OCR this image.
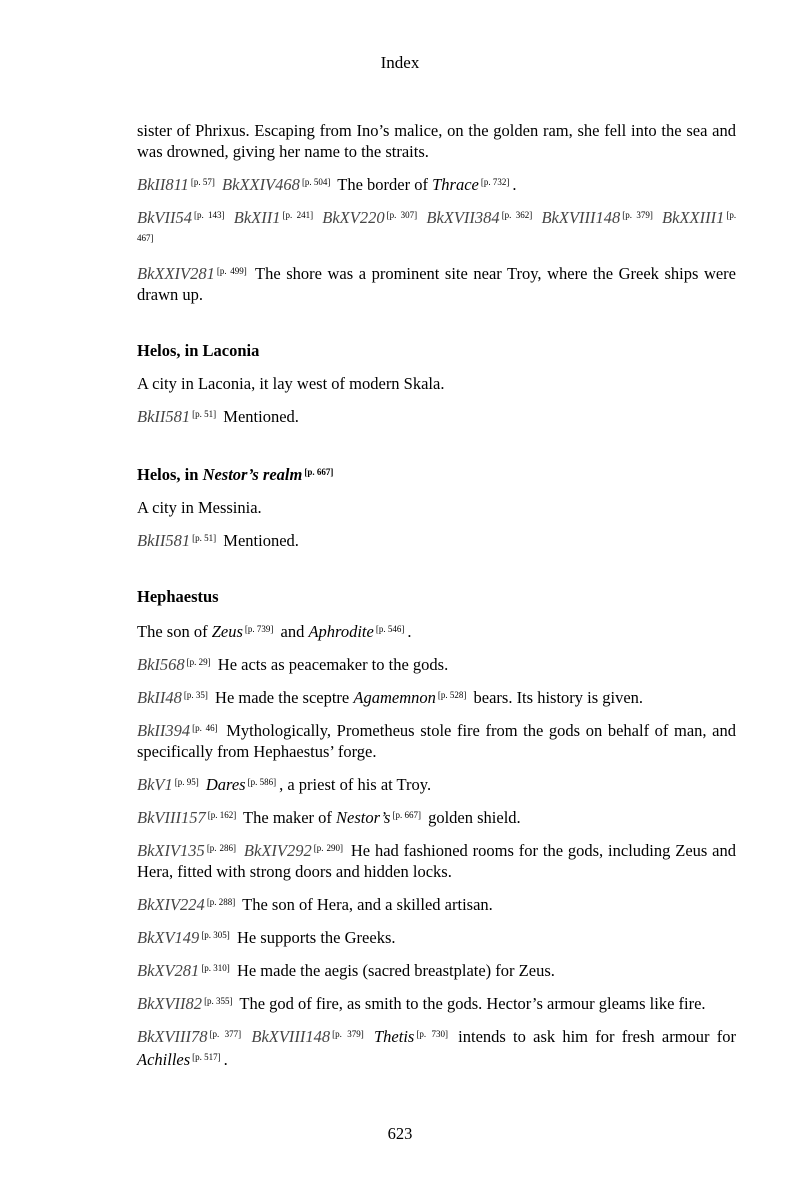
Index

sister of Phrixus. Escaping from Ino’s malice, on the golden ram, she fell into the sea and was drowned, giving her name to the straits.

BkII811 [p. 57] BkXXIV468 [p. 504] The border of Thrace [p. 732] .

BkVII54 [p. 143] BkXII1 [p. 241] BkXV220 [p. 307] BkXVII384 [p. 362] BkXVIII148 [p. 379] BkXXIII1 [p. 467]

BkXXIV281 [p. 499] The shore was a prominent site near Troy, where the Greek ships were drawn up.

Helos, in Laconia

A city in Laconia, it lay west of modern Skala.

BkII581 [p. 51] Mentioned.

Helos, in Nestor’s realm [p. 667]

A city in Messinia.

BkII581 [p. 51] Mentioned.

Hephaestus

The son of Zeus [p. 739] and Aphrodite [p. 546] .

BkI568 [p. 29] He acts as peacemaker to the gods.

BkII48 [p. 35] He made the sceptre Agamemnon [p. 528] bears. Its history is given.

BkII394 [p. 46] Mythologically, Prometheus stole fire from the gods on behalf of man, and specifically from Hephaestus’ forge.

BkV1 [p. 95] Dares [p. 586] , a priest of his at Troy.

BkVIII157 [p. 162] The maker of Nestor’s [p. 667] golden shield.

BkXIV135 [p. 286] BkXIV292 [p. 290] He had fashioned rooms for the gods, including Zeus and Hera, fitted with strong doors and hidden locks.

BkXIV224 [p. 288] The son of Hera, and a skilled artisan.

BkXV149 [p. 305] He supports the Greeks.

BkXV281 [p. 310] He made the aegis (sacred breastplate) for Zeus.

BkXVII82 [p. 355] The god of fire, as smith to the gods. Hector’s armour gleams like fire.

BkXVIII78 [p. 377] BkXVIII148 [p. 379] Thetis [p. 730] intends to ask him for fresh armour for Achilles [p. 517] .

623
